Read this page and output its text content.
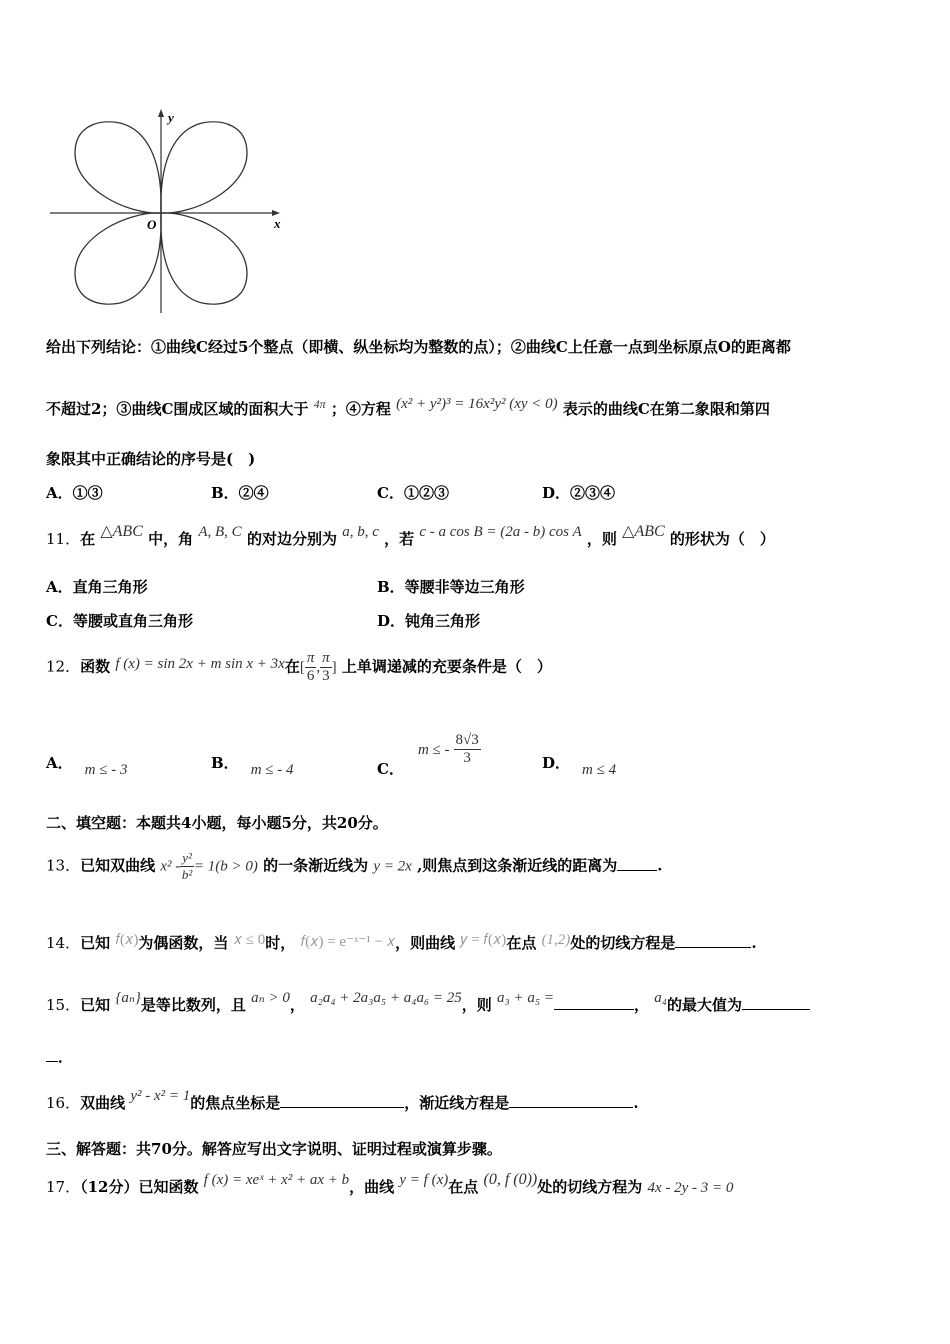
x
y
O
给出下列结论：①曲线C经过5个整点（即横、纵坐标均为整数的点）；②曲线C上任意一点到坐标原点O的距离都
不超过2；③曲线C围成区域的面积大于 $^{4\pi}$ ；④方程 (x² + y²)³ = 16x²y² (xy < 0) 表示的曲线C在第二象限和第四
象限其中正确结论的序号是(　)
A．①③	B．②④	C．①②③	D．②③④
11．在 △ABC 中，角 A, B, C 的对边分别为 a, b, c ，若 c - a cos B = (2a - b) cos A ，则 △ABC 的形状为（　）
A．直角三角形	B．等腰非等边三角形
C．等腰或直角三角形	D．钝角三角形
12．函数 f (x) = sin 2x + m sin x + 3x在[ $\frac{\pi}{6}$ , $\frac{\pi}{3}$ ] 上单调递减的充要条件是（　）
A． m ≤ - 3	B． m ≤ - 4	C．m ≤ - $\frac{8√3}{3}$	D． m ≤ 4
二、填空题：本题共4小题，每小题5分，共20分。
13．已知双曲线 $x^2 - \frac{\text{y²}}{\text{b²}} = 1(b > 0)$ 的一条渐近线为 y = 2x ,则焦点到这条渐近线的距离为	.
14．已知 𝑓(𝑥)为偶函数，当 𝑥 ≤ 0时， 𝑓(𝑥) = e⁻ˣ⁻¹ − 𝑥，则曲线 𝑦 = 𝑓(𝑥)在点 (1,2)处的切线方程是	.
15．已知 {aₙ}是等比数列，且 aₙ > 0， a₂a₄ + 2a₃a₅ + a₄a₆ = 25，则 a₃ + a₅ =	， a₄的最大值为
．
16．双曲线 y² - x² = 1的焦点坐标是	，渐近线方程是	.
三、解答题：共70分。解答应写出文字说明、证明过程或演算步骤。
17．（12分）已知函数 f (x) = xeˣ + x² + ax + b，曲线 y = f (x)在点 (0, f (0))处的切线方程为 4x - 2y - 3 = 0
